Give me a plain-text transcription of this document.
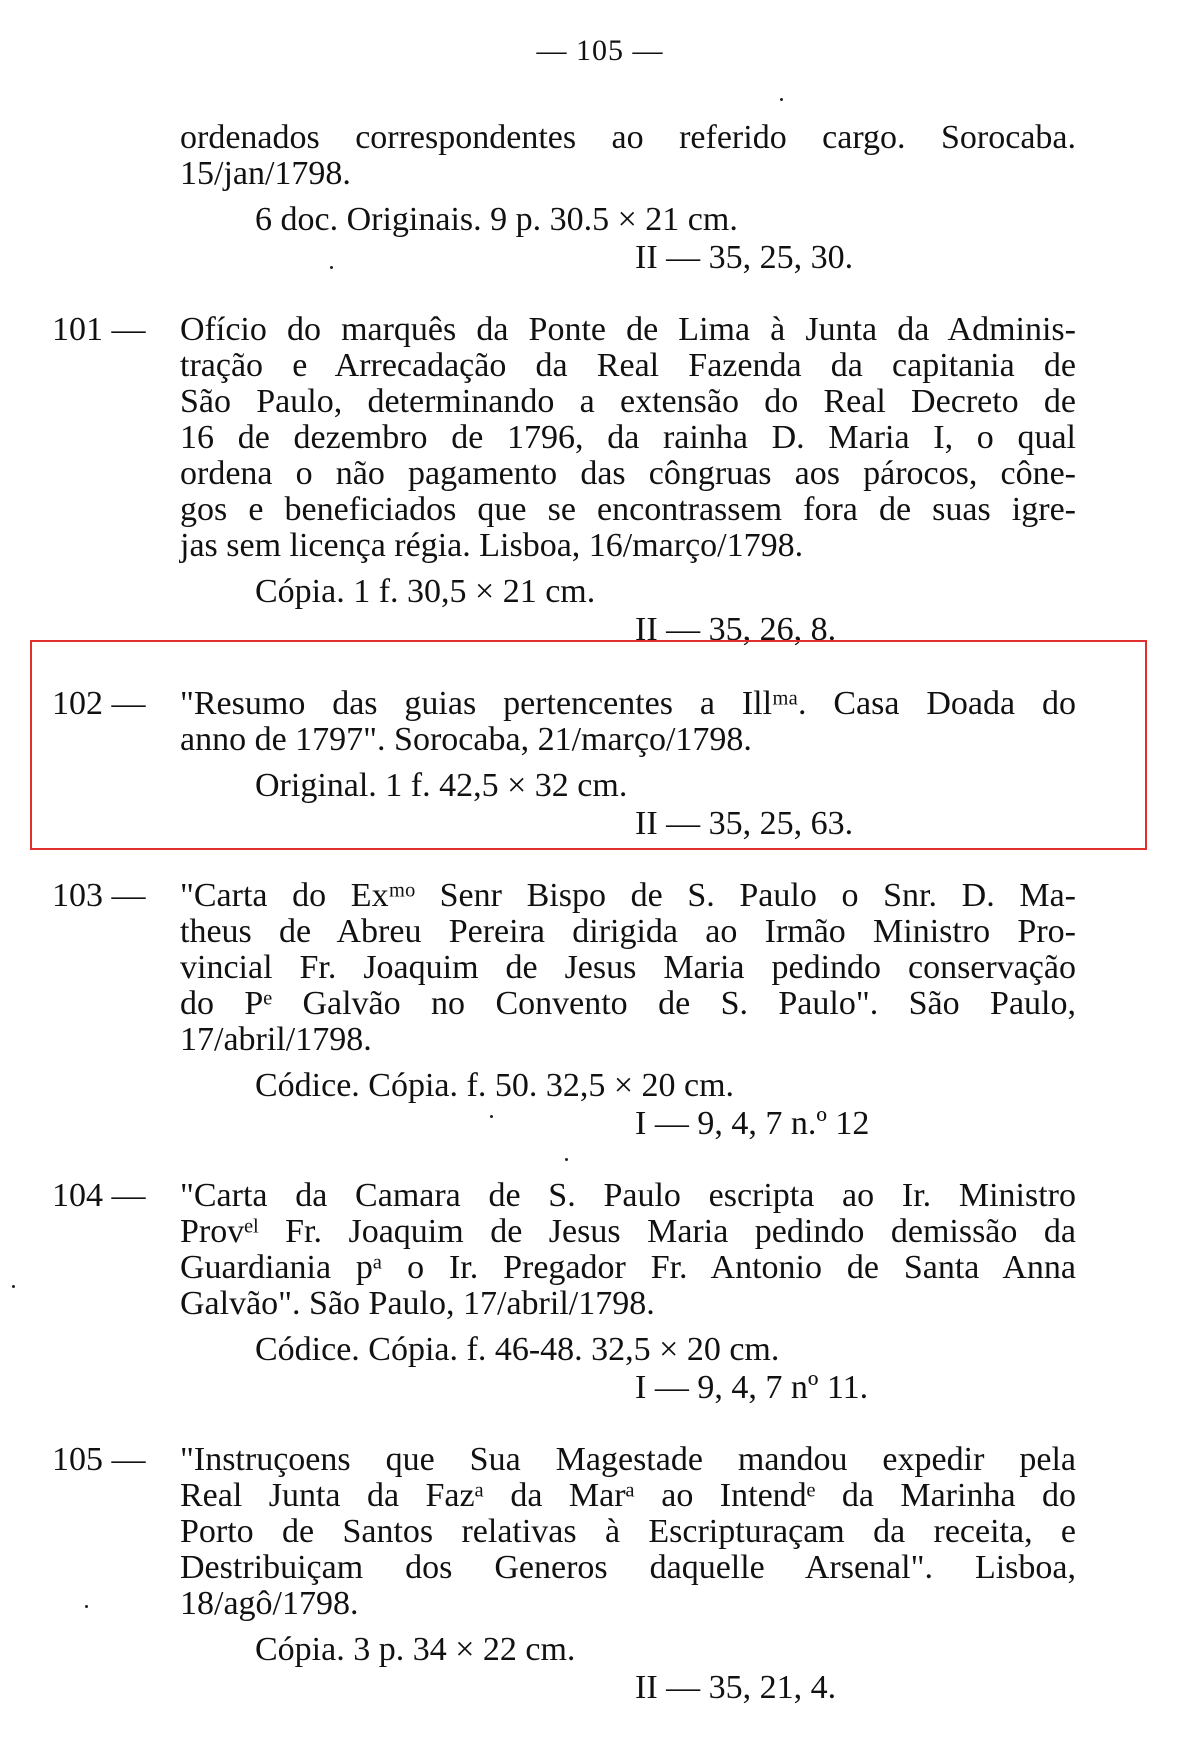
— 105 —
ordenados correspondentes ao referido cargo. Sorocaba.
15/jan/1798.
6 doc. Originais. 9 p. 30.5 × 21 cm.
II — 35, 25, 30.
101 — Ofício do marquês da Ponte de Lima à Junta da Adminis-
tração e Arrecadação da Real Fazenda da capitania de
São Paulo, determinando a extensão do Real Decreto de
16 de dezembro de 1796, da rainha D. Maria I, o qual
ordena o não pagamento das côngruas aos párocos, cône-
gos e beneficiados que se encontrassem fora de suas igre-
jas sem licença régia. Lisboa, 16/março/1798.
Cópia. 1 f. 30,5 × 21 cm.
II — 35, 26, 8.
102 — "Resumo das guias pertencentes a Illᵐᵃ. Casa Doada do
anno de 1797". Sorocaba, 21/março/1798.
Original. 1 f. 42,5 × 32 cm.
II — 35, 25, 63.
103 — "Carta do Exᵐᵒ Senr Bispo de S. Paulo o Snr. D. Ma-
theus de Abreu Pereira dirigida ao Irmão Ministro Pro-
vincial Fr. Joaquim de Jesus Maria pedindo conservação
do Pᵉ Galvão no Convento de S. Paulo". São Paulo,
17/abril/1798.
Códice. Cópia. f. 50. 32,5 × 20 cm.
I — 9, 4, 7 n.º 12
104 — "Carta da Camara de S. Paulo escripta ao Ir. Ministro
Provᵉˡ Fr. Joaquim de Jesus Maria pedindo demissão da
Guardiania pᵃ o Ir. Pregador Fr. Antonio de Santa Anna
Galvão". São Paulo, 17/abril/1798.
Códice. Cópia. f. 46-48. 32,5 × 20 cm.
I — 9, 4, 7 nº 11.
105 — "Instruçoens que Sua Magestade mandou expedir pela
Real Junta da Fazᵃ da Marᵃ ao Intendᵉ da Marinha do
Porto de Santos relativas à Escripturaçam da receita, e
Destribuiçam dos Generos daquelle Arsenal". Lisboa,
18/agô/1798.
Cópia. 3 p. 34 × 22 cm.
II — 35, 21, 4.
